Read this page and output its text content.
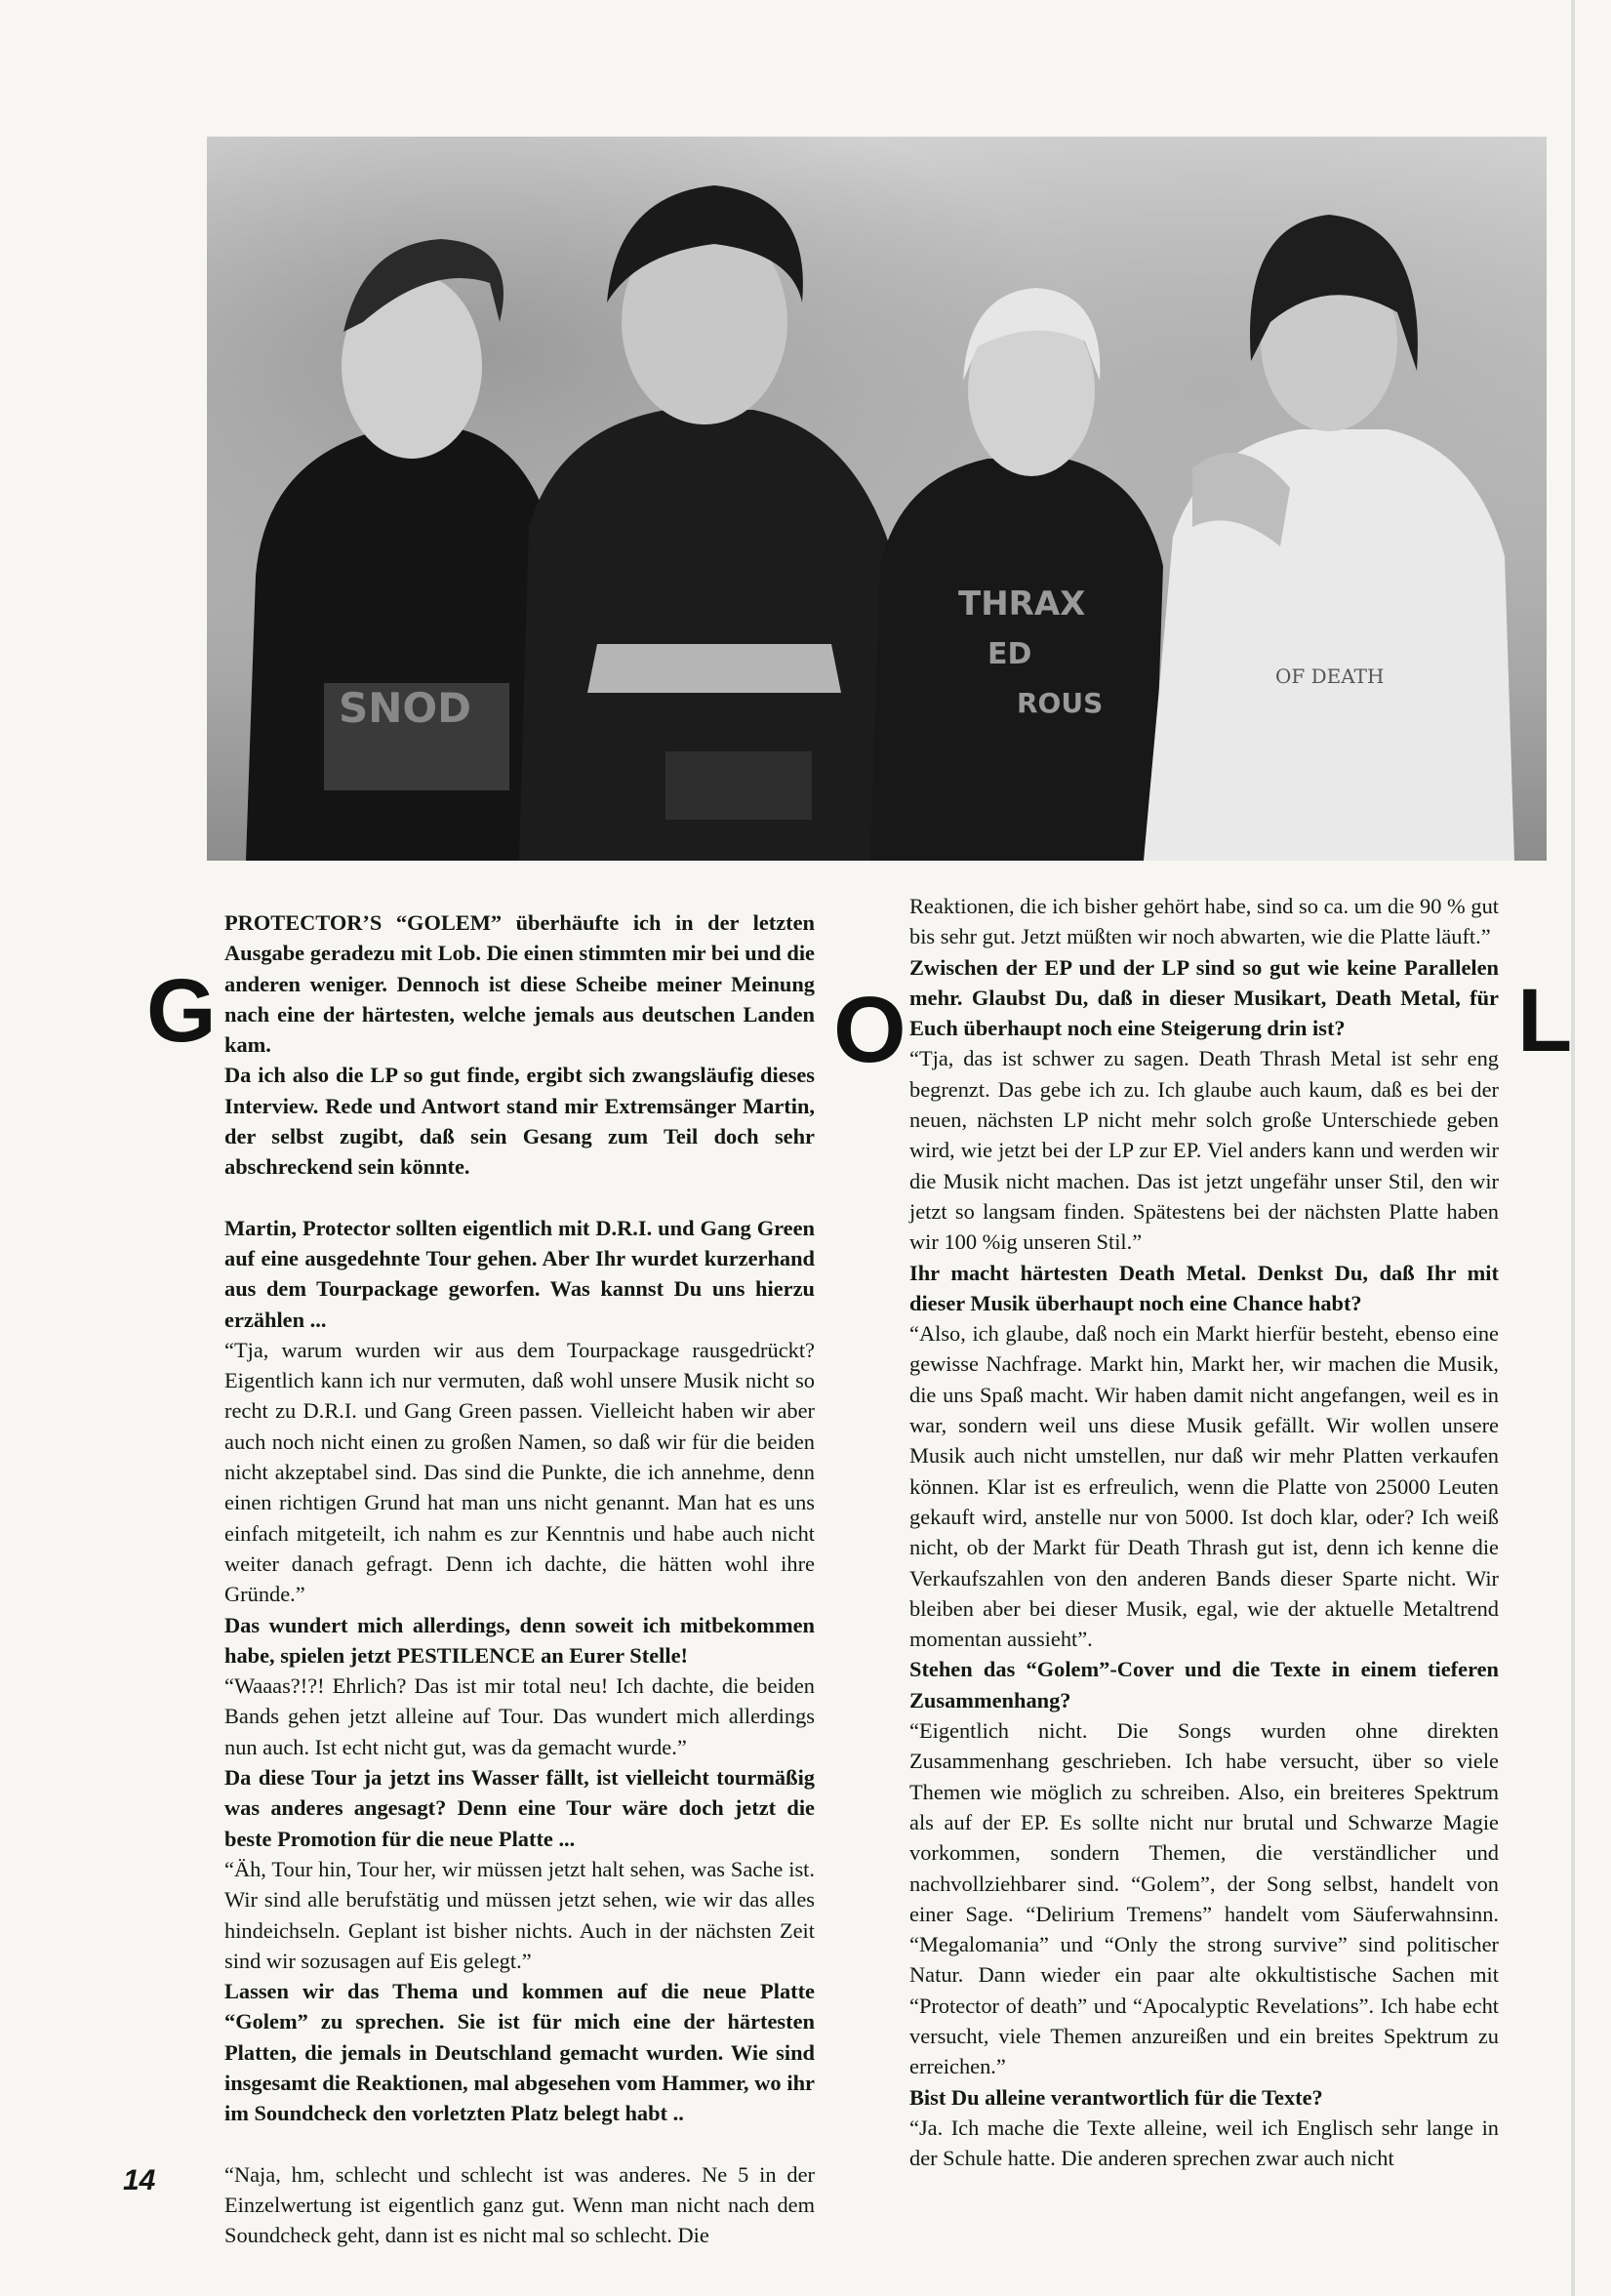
SNOD
THRAX
ED
ROUS
OF DEATH
G	O	L

PROTECTOR’S “GOLEM” überhäufte ich in der letzten Ausgabe geradezu mit Lob. Die einen stimmten mir bei und die anderen weniger. Dennoch ist diese Scheibe meiner Meinung nach eine der härtesten, welche jemals aus deutschen Landen kam.

Da ich also die LP so gut finde, ergibt sich zwangsläufig dieses Interview. Rede und Antwort stand mir Extremsänger Martin, der selbst zugibt, daß sein Gesang zum Teil doch sehr abschreckend sein könnte.

Martin, Protector sollten eigentlich mit D.R.I. und Gang Green auf eine ausgedehnte Tour gehen. Aber Ihr wurdet kurzerhand aus dem Tourpackage geworfen. Was kannst Du uns hierzu erzählen ...

“Tja, warum wurden wir aus dem Tourpackage rausgedrückt? Eigentlich kann ich nur vermuten, daß wohl unsere Musik nicht so recht zu D.R.I. und Gang Green passen. Vielleicht haben wir aber auch noch nicht einen zu großen Namen, so daß wir für die beiden nicht akzeptabel sind. Das sind die Punkte, die ich annehme, denn einen richtigen Grund hat man uns nicht genannt. Man hat es uns einfach mitgeteilt, ich nahm es zur Kenntnis und habe auch nicht weiter danach gefragt. Denn ich dachte, die hätten wohl ihre Gründe.”

Das wundert mich allerdings, denn soweit ich mitbekommen habe, spielen jetzt PESTILENCE an Eurer Stelle!

“Waaas?!?! Ehrlich? Das ist mir total neu! Ich dachte, die beiden Bands gehen jetzt alleine auf Tour. Das wundert mich allerdings nun auch. Ist echt nicht gut, was da gemacht wurde.”

Da diese Tour ja jetzt ins Wasser fällt, ist vielleicht tourmäßig was anderes angesagt? Denn eine Tour wäre doch jetzt die beste Promotion für die neue Platte ...

“Äh, Tour hin, Tour her, wir müssen jetzt halt sehen, was Sache ist. Wir sind alle berufstätig und müssen jetzt sehen, wie wir das alles hindeichseln. Geplant ist bisher nichts. Auch in der nächsten Zeit sind wir sozusagen auf Eis gelegt.”

Lassen wir das Thema und kommen auf die neue Platte “Golem” zu sprechen. Sie ist für mich eine der härtesten Platten, die jemals in Deutschland gemacht wurden. Wie sind insgesamt die Reaktionen, mal abgesehen vom Hammer, wo ihr im Soundcheck den vorletzten Platz belegt habt ..

“Naja, hm, schlecht und schlecht ist was anderes. Ne 5 in der Einzelwertung ist eigentlich ganz gut. Wenn man nicht nach dem Soundcheck geht, dann ist es nicht mal so schlecht. Die

Reaktionen, die ich bisher gehört habe, sind so ca. um die 90 % gut bis sehr gut. Jetzt müßten wir noch abwarten, wie die Platte läuft.”

Zwischen der EP und der LP sind so gut wie keine Parallelen mehr. Glaubst Du, daß in dieser Musikart, Death Metal, für Euch überhaupt noch eine Steigerung drin ist?

“Tja, das ist schwer zu sagen. Death Thrash Metal ist sehr eng begrenzt. Das gebe ich zu. Ich glaube auch kaum, daß es bei der neuen, nächsten LP nicht mehr solch große Unterschiede geben wird, wie jetzt bei der LP zur EP. Viel anders kann und werden wir die Musik nicht machen. Das ist jetzt ungefähr unser Stil, den wir jetzt so langsam finden. Spätestens bei der nächsten Platte haben wir 100 %ig unseren Stil.”

Ihr macht härtesten Death Metal. Denkst Du, daß Ihr mit dieser Musik überhaupt noch eine Chance habt?

“Also, ich glaube, daß noch ein Markt hierfür besteht, ebenso eine gewisse Nachfrage. Markt hin, Markt her, wir machen die Musik, die uns Spaß macht. Wir haben damit nicht angefangen, weil es in war, sondern weil uns diese Musik gefällt. Wir wollen unsere Musik auch nicht umstellen, nur daß wir mehr Platten verkaufen können. Klar ist es erfreulich, wenn die Platte von 25000 Leuten gekauft wird, anstelle nur von 5000. Ist doch klar, oder? Ich weiß nicht, ob der Markt für Death Thrash gut ist, denn ich kenne die Verkaufszahlen von den anderen Bands dieser Sparte nicht. Wir bleiben aber bei dieser Musik, egal, wie der aktuelle Metaltrend momentan aussieht”.

Stehen das “Golem”-Cover und die Texte in einem tieferen Zusammenhang?

“Eigentlich nicht. Die Songs wurden ohne direkten Zusammenhang geschrieben. Ich habe versucht, über so viele Themen wie möglich zu schreiben. Also, ein breiteres Spektrum als auf der EP. Es sollte nicht nur brutal und Schwarze Magie vorkommen, sondern Themen, die verständlicher und nachvollziehbarer sind. “Golem”, der Song selbst, handelt von einer Sage. “Delirium Tremens” handelt vom Säuferwahnsinn. “Megalomania” und “Only the strong survive” sind politischer Natur. Dann wieder ein paar alte okkultistische Sachen mit “Protector of death” und “Apocalyptic Revelations”. Ich habe echt versucht, viele Themen anzureißen und ein breites Spektrum zu erreichen.”

Bist Du alleine verantwortlich für die Texte?

“Ja. Ich mache die Texte alleine, weil ich Englisch sehr lange in der Schule hatte. Die anderen sprechen zwar auch nicht

14
